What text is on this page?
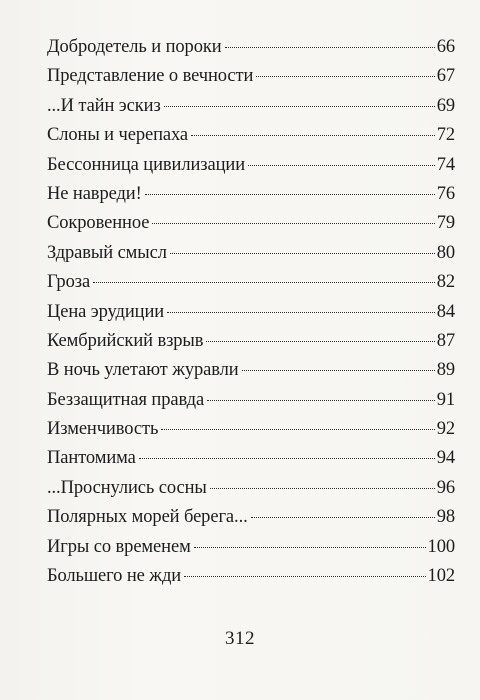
Добродетель и пороки	66
Представление о вечности	67
...И тайн эскиз	69
Слоны и черепаха	72
Бессонница цивилизации	74
Не навреди!	76
Сокровенное	79
Здравый смысл	80
Гроза	82
Цена эрудиции	84
Кембрийский взрыв	87
В ночь улетают журавли	89
Беззащитная правда	91
Изменчивость	92
Пантомима	94
...Проснулись сосны	96
Полярных морей берега...	98
Игры со временем	100
Большего не жди	102
312
